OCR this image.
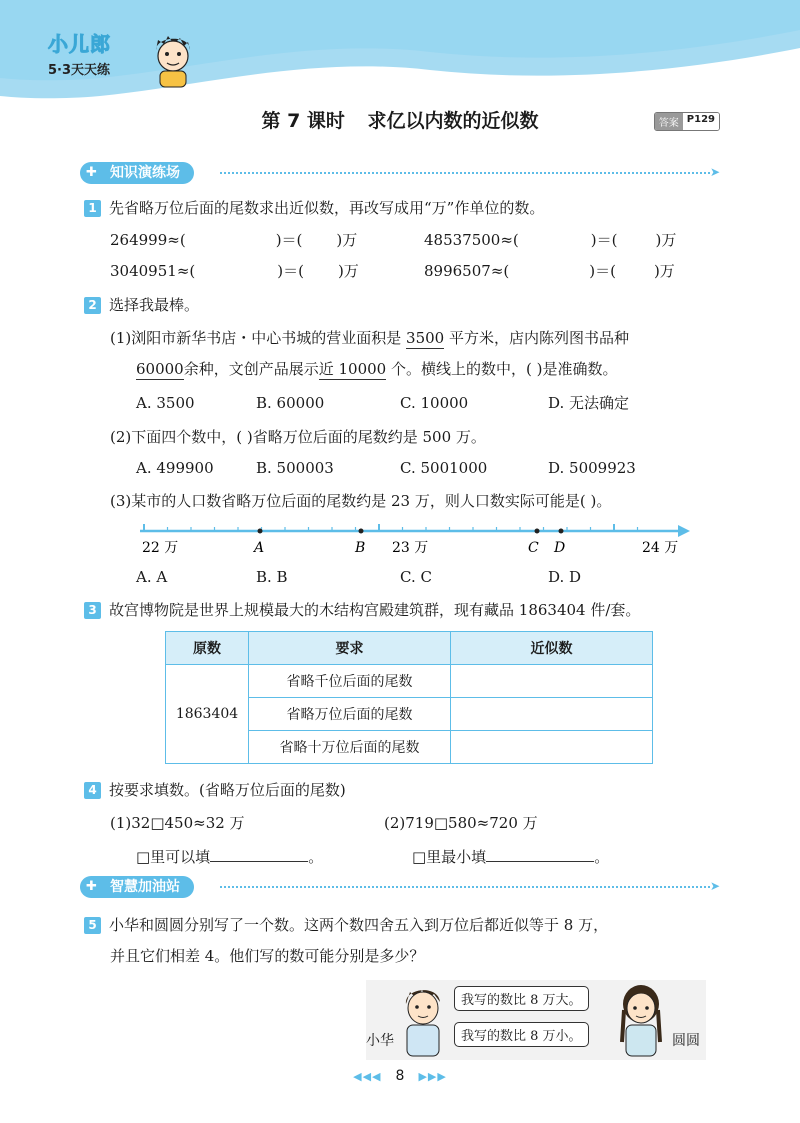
小儿郎
5·3天天练
第 7 课时 求亿以内数的近似数	答案 P129
✚ 知识演练场	➤
1 先省略万位后面的尾数求出近似数，再改写成用“万”作单位的数。
264999≈(	)＝( )万	48537500≈(	)＝(	)万
3040951≈(	)＝( )万	8996507≈(	)＝(	)万
2 选择我最棒。
(1)浏阳市新华书店・中心书城的营业面积是 3500 平方米，店内陈列图书品种
60000余种，文创产品展示近 10000 个。横线上的数中，( )是准确数。
A. 3500	B. 60000	C. 10000	D. 无法确定
(2)下面四个数中，( )省略万位后面的尾数约是 500 万。
A. 499900	B. 500003	C. 5001000	D. 5009923
(3)某市的人口数省略万位后面的尾数约是 23 万，则人口数实际可能是( )。
22 万	A	B 23 万	C D	24 万
A. A	B. B	C. C	D. D
3 故宫博物院是世界上规模最大的木结构宫殿建筑群，现有藏品 1863404 件/套。
原数	要求	近似数
1863404	省略千位后面的尾数	
	省略万位后面的尾数	
	省略十万位后面的尾数	
4 按要求填数。(省略万位后面的尾数)
(1)32□450≈32 万	(2)719□580≈720 万
□里可以填	。	□里最小填	。
✚ 智慧加油站	➤
5 小华和圆圆分别写了一个数。这两个数四舍五入到万位后都近似等于 8 万，
并且它们相差 4。他们写的数可能分别是多少？
我写的数比 8 万大。
我写的数比 8 万小。
小华	圆圆
◀◀◀ 8 ▶▶▶
